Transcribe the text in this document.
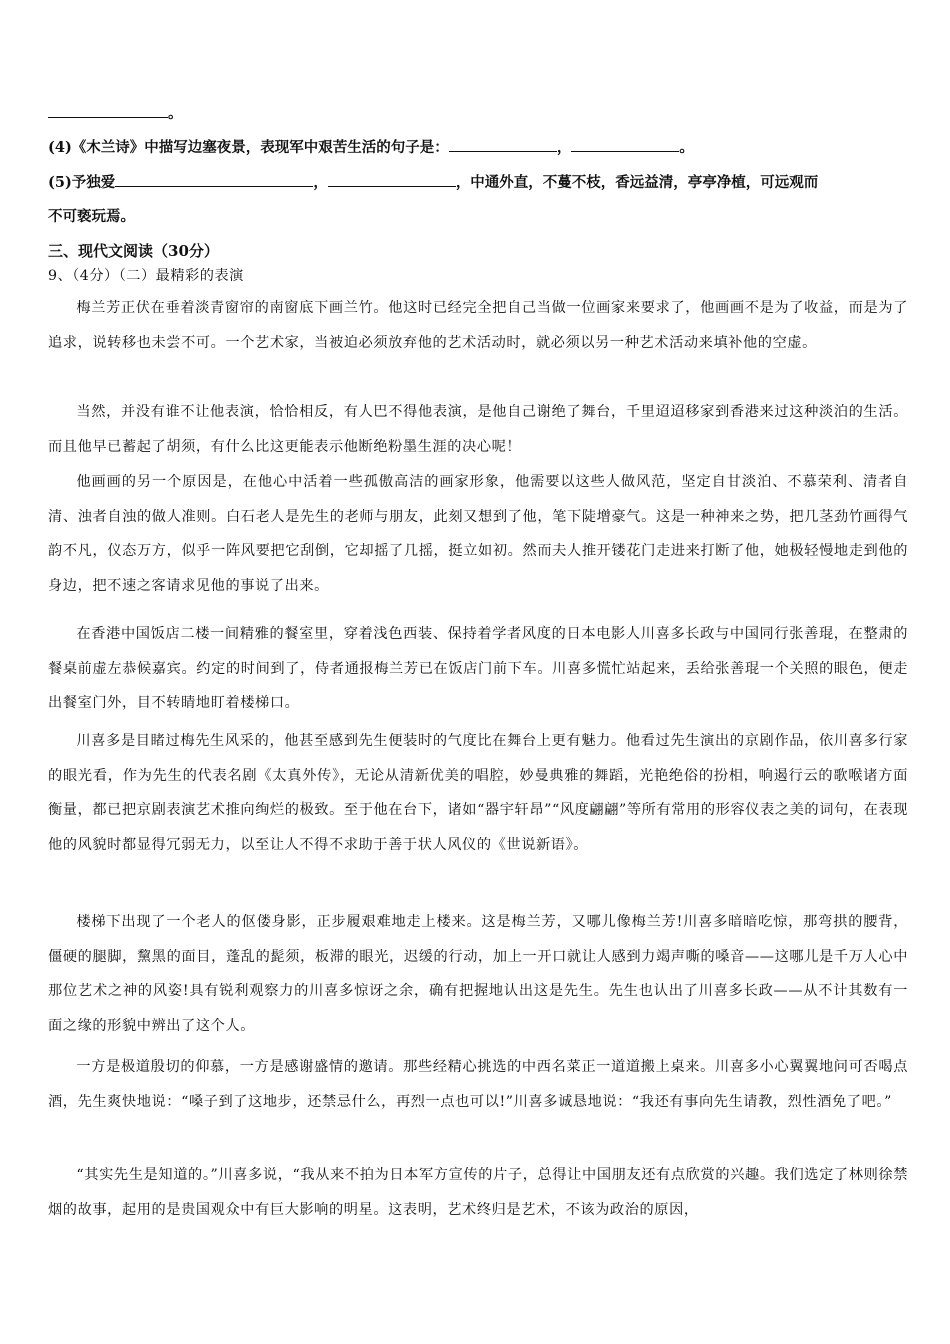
。
(4)《木兰诗》中描写边塞夜景，表现军中艰苦生活的句子是：	，	。
(5)予独爱	，	，中通外直，不蔓不枝，香远益清，亭亭净植，可远观而
不可亵玩焉。
三、现代文阅读（30分）
9、（4分）（二）最精彩的表演

梅兰芳正伏在垂着淡青窗帘的南窗底下画兰竹。他这时已经完全把自己当做一位画家来要求了，他画画不是为了收益，而是为了追求，说转移也未尝不可。一个艺术家，当被迫必须放弃他的艺术活动时，就必须以另一种艺术活动来填补他的空虚。

当然，并没有谁不让他表演，恰恰相反，有人巴不得他表演，是他自己谢绝了舞台，千里迢迢移家到香港来过这种淡泊的生活。而且他早已蓄起了胡须，有什么比这更能表示他断绝粉墨生涯的决心呢！

他画画的另一个原因是，在他心中活着一些孤傲高洁的画家形象，他需要以这些人做风范，坚定自甘淡泊、不慕荣利、清者自清、浊者自浊的做人准则。白石老人是先生的老师与朋友，此刻又想到了他，笔下陡增豪气。这是一种神来之势，把几茎劲竹画得气韵不凡，仪态万方，似乎一阵风要把它刮倒，它却摇了几摇，挺立如初。然而夫人推开镂花门走进来打断了他，她极轻慢地走到他的身边，把不速之客请求见他的事说了出来。

在香港中国饭店二楼一间精雅的餐室里，穿着浅色西装、保持着学者风度的日本电影人川喜多长政与中国同行张善琨，在整肃的餐桌前虚左恭候嘉宾。约定的时间到了，侍者通报梅兰芳已在饭店门前下车。川喜多慌忙站起来，丢给张善琨一个关照的眼色，便走出餐室门外，目不转睛地盯着楼梯口。

川喜多是目睹过梅先生风采的，他甚至感到先生便装时的气度比在舞台上更有魅力。他看过先生演出的京剧作品，依川喜多行家的眼光看，作为先生的代表名剧《太真外传》，无论从清新优美的唱腔，妙曼典雅的舞蹈，光艳绝俗的扮相，响遏行云的歌喉诸方面衡量，都已把京剧表演艺术推向绚烂的极致。至于他在台下，诸如“器宇轩昂”“风度翩翩”等所有常用的形容仪表之美的词句，在表现他的风貌时都显得冗弱无力，以至让人不得不求助于善于状人风仪的《世说新语》。

楼梯下出现了一个老人的伛偻身影，正步履艰难地走上楼来。这是梅兰芳，又哪儿像梅兰芳!川喜多暗暗吃惊，那弯拱的腰背，僵硬的腿脚，黧黑的面目，蓬乱的髭须，板滞的眼光，迟缓的行动，加上一开口就让人感到力竭声嘶的嗓音——这哪儿是千万人心中那位艺术之神的风姿!具有锐利观察力的川喜多惊讶之余，确有把握地认出这是先生。先生也认出了川喜多长政——从不计其数有一面之缘的形貌中辨出了这个人。

一方是极道殷切的仰慕，一方是感谢盛情的邀请。那些经精心挑选的中西名菜正一道道搬上桌来。川喜多小心翼翼地问可否喝点酒，先生爽快地说：“嗓子到了这地步，还禁忌什么，再烈一点也可以!”川喜多诚恳地说：“我还有事向先生请教，烈性酒免了吧。”

“其实先生是知道的。”川喜多说，“我从来不拍为日本军方宣传的片子，总得让中国朋友还有点欣赏的兴趣。我们选定了林则徐禁烟的故事，起用的是贵国观众中有巨大影响的明星。这表明，艺术终归是艺术，不该为政治的原因，
